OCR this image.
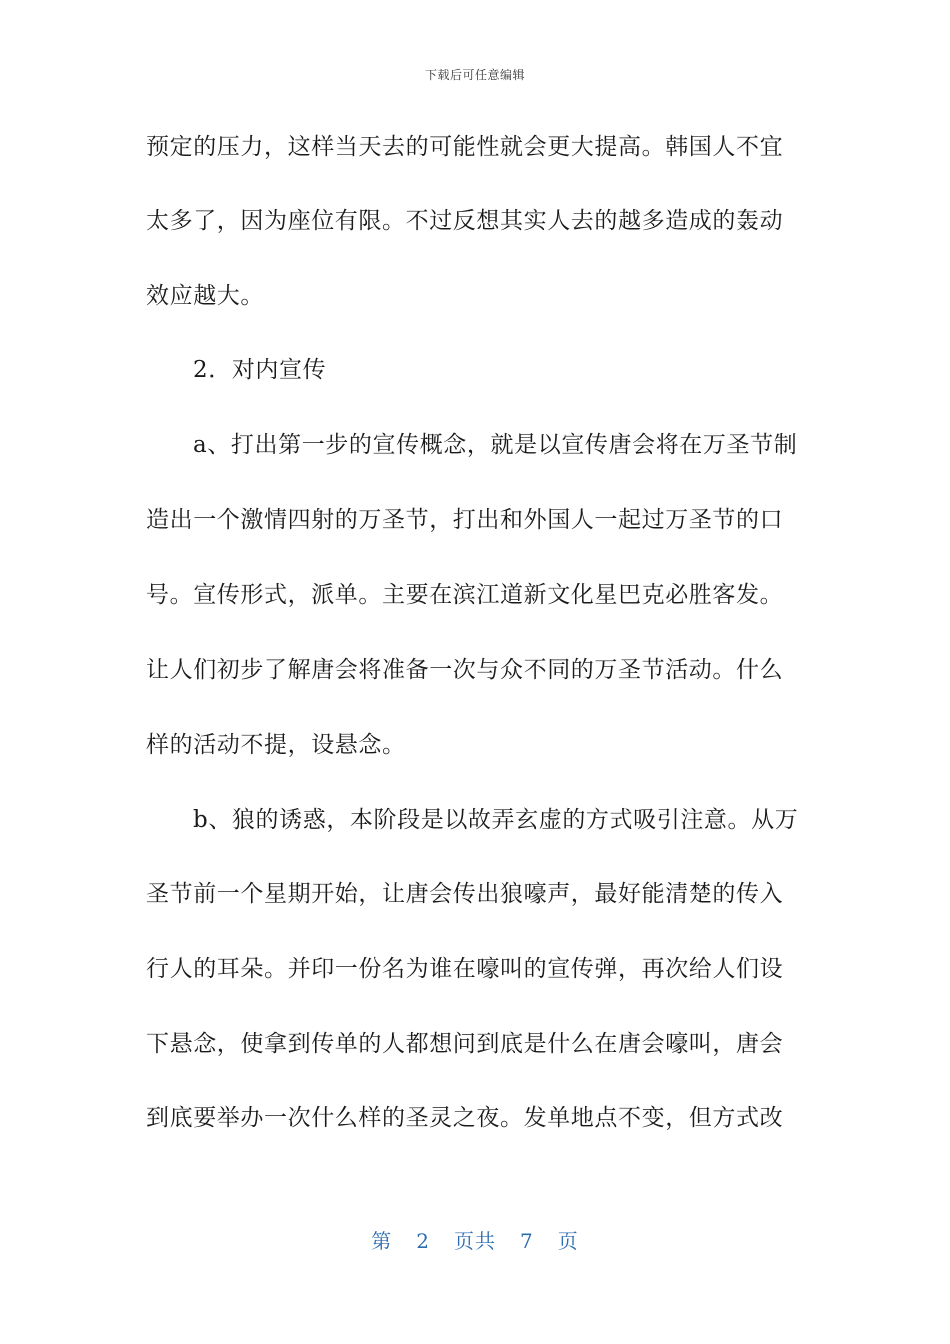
下载后可任意编辑
预定的压力，这样当天去的可能性就会更大提高。韩国人不宜
太多了，因为座位有限。不过反想其实人去的越多造成的轰动
效应越大。
2．对内宣传
a、打出第一步的宣传概念，就是以宣传唐会将在万圣节制
造出一个激情四射的万圣节，打出和外国人一起过万圣节的口
号。宣传形式，派单。主要在滨江道新文化星巴克必胜客发。
让人们初步了解唐会将准备一次与众不同的万圣节活动。什么
样的活动不提，设悬念。
b、狼的诱惑，本阶段是以故弄玄虚的方式吸引注意。从万
圣节前一个星期开始，让唐会传出狼嚎声，最好能清楚的传入
行人的耳朵。并印一份名为谁在嚎叫的宣传弹，再次给人们设
下悬念，使拿到传单的人都想问到底是什么在唐会嚎叫，唐会
到底要举办一次什么样的圣灵之夜。发单地点不变，但方式改
第 2 页共 7 页
